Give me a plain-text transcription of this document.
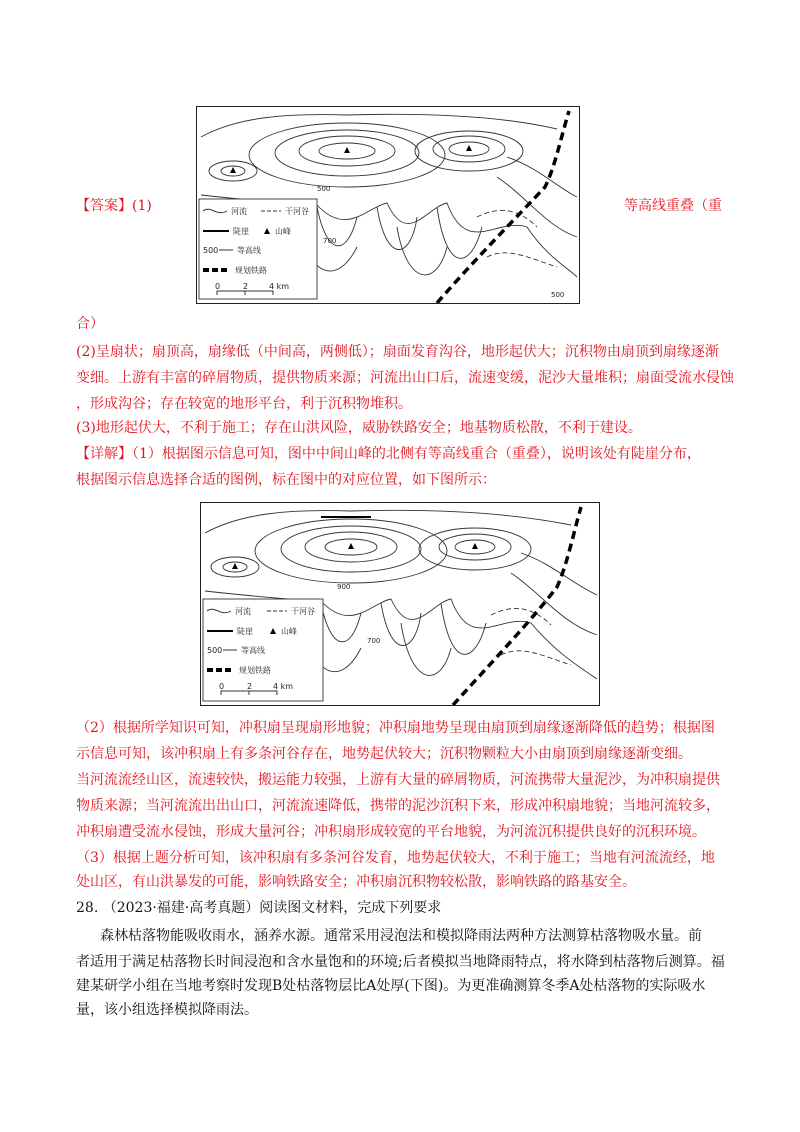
【答案】(1)
500
700
500
河流	干河谷
陡崖	山峰
500 等高线
规划铁路
0	2	4 km
等高线重叠（重
合）
(2)呈扇状；扇顶高，扇缘低（中间高，两侧低）；扇面发育沟谷，地形起伏大；沉积物由扇顶到扇缘逐渐
变细。上游有丰富的碎屑物质，提供物质来源；河流出山口后，流速变缓，泥沙大量堆积；扇面受流水侵蚀
，形成沟谷；存在较宽的地形平台，利于沉积物堆积。
(3)地形起伏大，不利于施工；存在山洪风险，威胁铁路安全；地基物质松散，不利于建设。
【详解】（1）根据图示信息可知，图中中间山峰的北侧有等高线重合（重叠），说明该处有陡崖分布，
根据图示信息选择合适的图例，标在图中的对应位置，如下图所示：
900
700
河流	干河谷
陡崖	山峰
500 等高线
规划铁路
0	2	4 km
（2）根据所学知识可知，冲积扇呈现扇形地貌；冲积扇地势呈现由扇顶到扇缘逐渐降低的趋势；根据图
示信息可知，该冲积扇上有多条河谷存在，地势起伏较大；沉积物颗粒大小由扇顶到扇缘逐渐变细。
当河流流经山区，流速较快，搬运能力较强，上游有大量的碎屑物质，河流携带大量泥沙，为冲积扇提供
物质来源；当河流流出出山口，河流流速降低，携带的泥沙沉积下来，形成冲积扇地貌；当地河流较多，
冲积扇遭受流水侵蚀，形成大量河谷；冲积扇形成较宽的平台地貌，为河流沉积提供良好的沉积环境。
（3）根据上题分析可知，该冲积扇有多条河谷发育，地势起伏较大，不利于施工；当地有河流流经，地
处山区，有山洪暴发的可能，影响铁路安全；冲积扇沉积物较松散，影响铁路的路基安全。
28. （2023·福建·高考真题）阅读图文材料，完成下列要求
森林枯落物能吸收雨水，涵养水源。通常采用浸泡法和模拟降雨法两种方法测算枯落物吸水量。前
者适用于满足枯落物长时间浸泡和含水量饱和的环境;后者模拟当地降雨特点，将水降到枯落物后测算。福
建某研学小组在当地考察时发现B处枯落物层比A处厚(下图)。为更准确测算冬季A处枯落物的实际吸水
量，该小组选择模拟降雨法。
